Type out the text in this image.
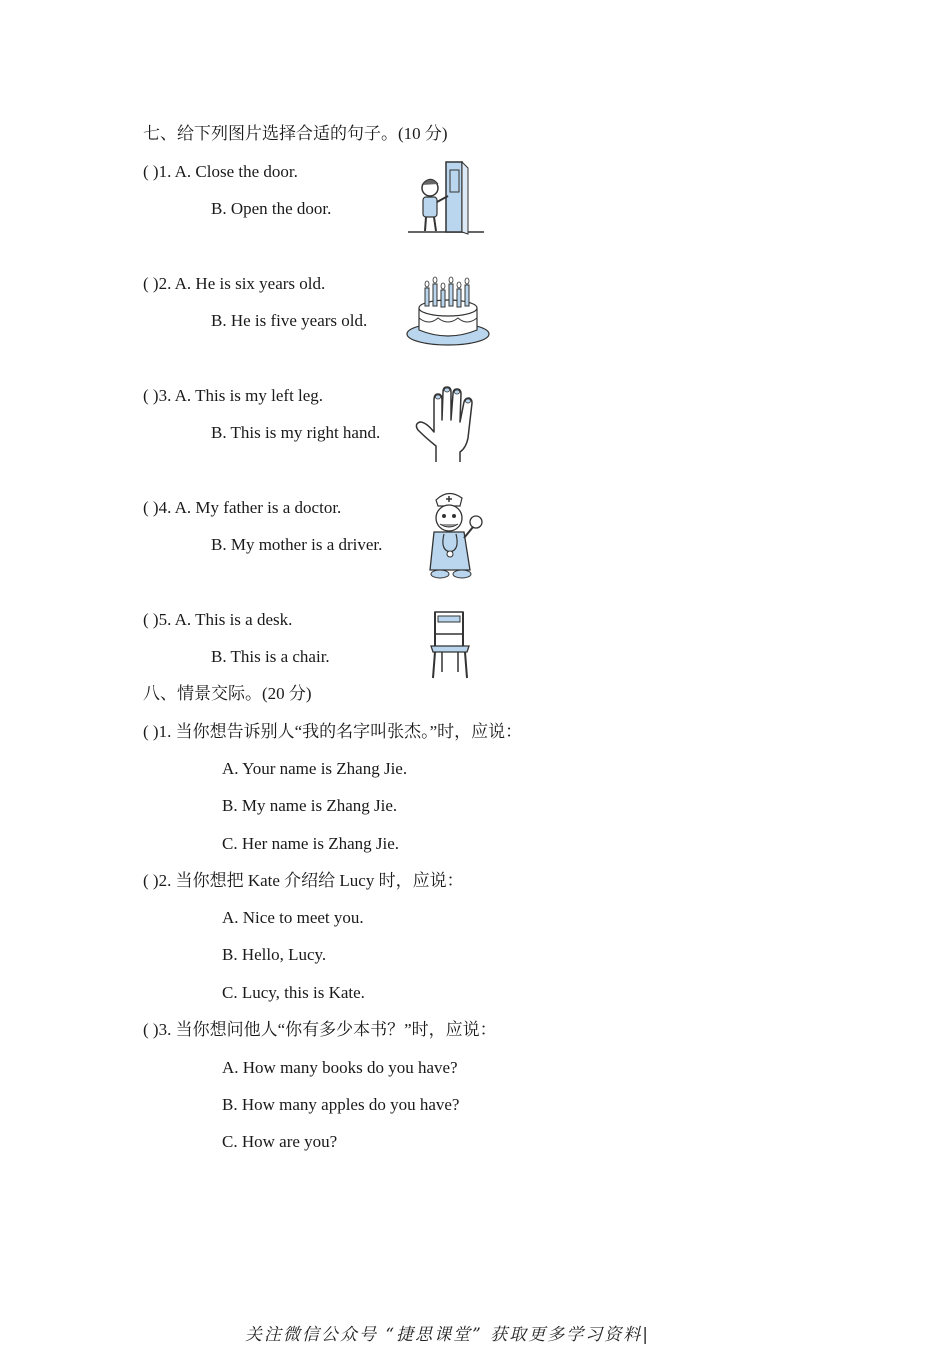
七、给下列图片选择合适的句子。(10 分)
( )1. A. Close the door.
B. Open the door.
( )2. A. He is six years old.
B. He is five years old.
( )3. A. This is my left leg.
B. This is my right hand.
( )4. A. My father is a doctor.
B. My mother is a driver.
( )5. A. This is a desk.
B. This is a chair.
八、情景交际。(20 分)
( )1. 当你想告诉别人“我的名字叫张杰。”时，应说：
A. Your name is Zhang Jie.
B. My name is Zhang Jie.
C. Her name is Zhang Jie.
( )2. 当你想把 Kate 介绍给 Lucy 时，应说：
A. Nice to meet you.
B. Hello, Lucy.
C. Lucy, this is Kate.
( )3. 当你想问他人“你有多少本书？”时，应说：
A. How many books do you have?
B. How many apples do you have?
C. How are you?
关注微信公众号 “捷思课堂” 获取更多学习资料|
